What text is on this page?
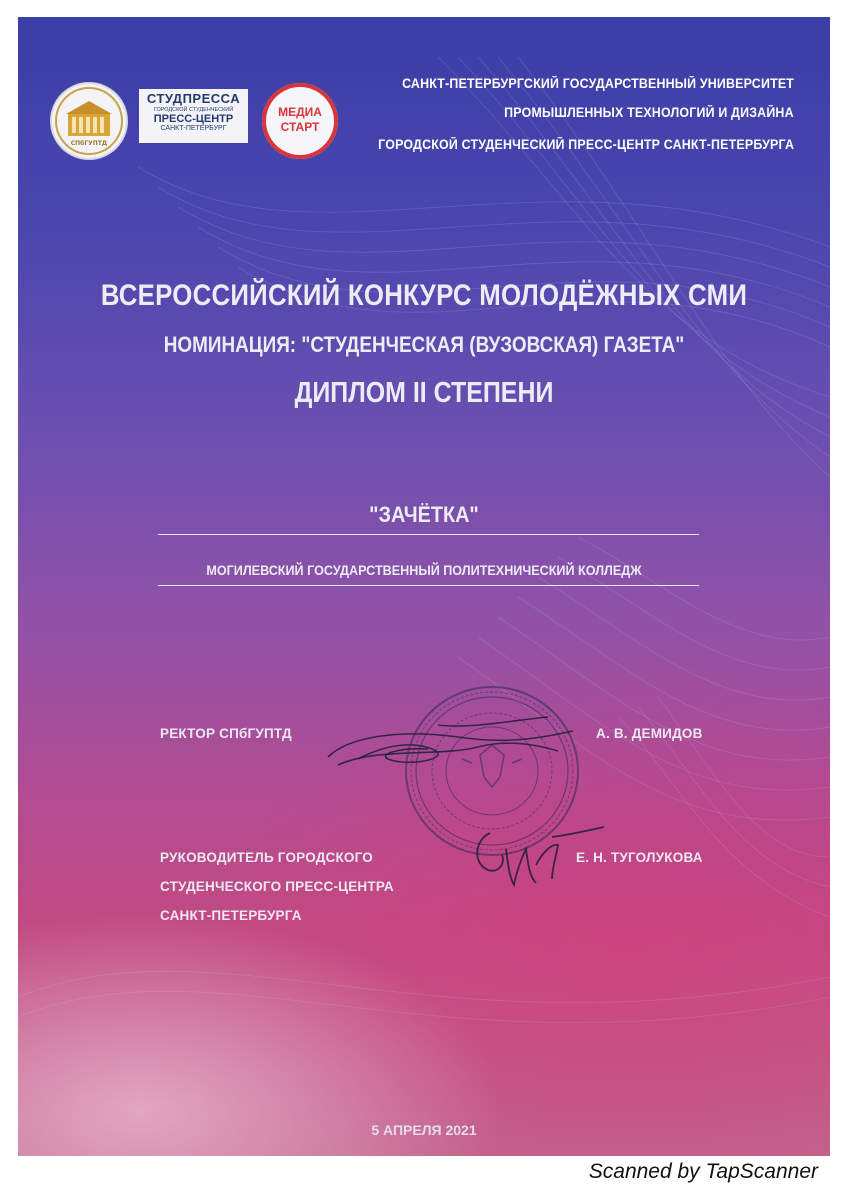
СПбГУПТД
СТУДПРЕССА
ГОРОДСКОЙ СТУДЕНЧЕСКИЙ
ПРЕСС-ЦЕНТР
САНКТ-ПЕТЕРБУРГ
МЕДИА
СТАРТ
САНКТ-ПЕТЕРБУРГСКИЙ ГОСУДАРСТВЕННЫЙ УНИВЕРСИТЕТ
ПРОМЫШЛЕННЫХ ТЕХНОЛОГИЙ И ДИЗАЙНА
ГОРОДСКОЙ СТУДЕНЧЕСКИЙ ПРЕСС-ЦЕНТР САНКТ-ПЕТЕРБУРГА
ВСЕРОССИЙСКИЙ КОНКУРС МОЛОДЁЖНЫХ СМИ
НОМИНАЦИЯ: "СТУДЕНЧЕСКАЯ (ВУЗОВСКАЯ) ГАЗЕТА"
ДИПЛОМ II СТЕПЕНИ
"ЗАЧЁТКА"
МОГИЛЕВСКИЙ ГОСУДАРСТВЕННЫЙ ПОЛИТЕХНИЧЕСКИЙ КОЛЛЕДЖ
РЕКТОР СПбГУПТД	А. В. ДЕМИДОВ
РУКОВОДИТЕЛЬ ГОРОДСКОГО
СТУДЕНЧЕСКОГО ПРЕСС-ЦЕНТРА
САНКТ-ПЕТЕРБУРГА
Е. Н. ТУГОЛУКОВА
5 АПРЕЛЯ 2021
Scanned by TapScanner
